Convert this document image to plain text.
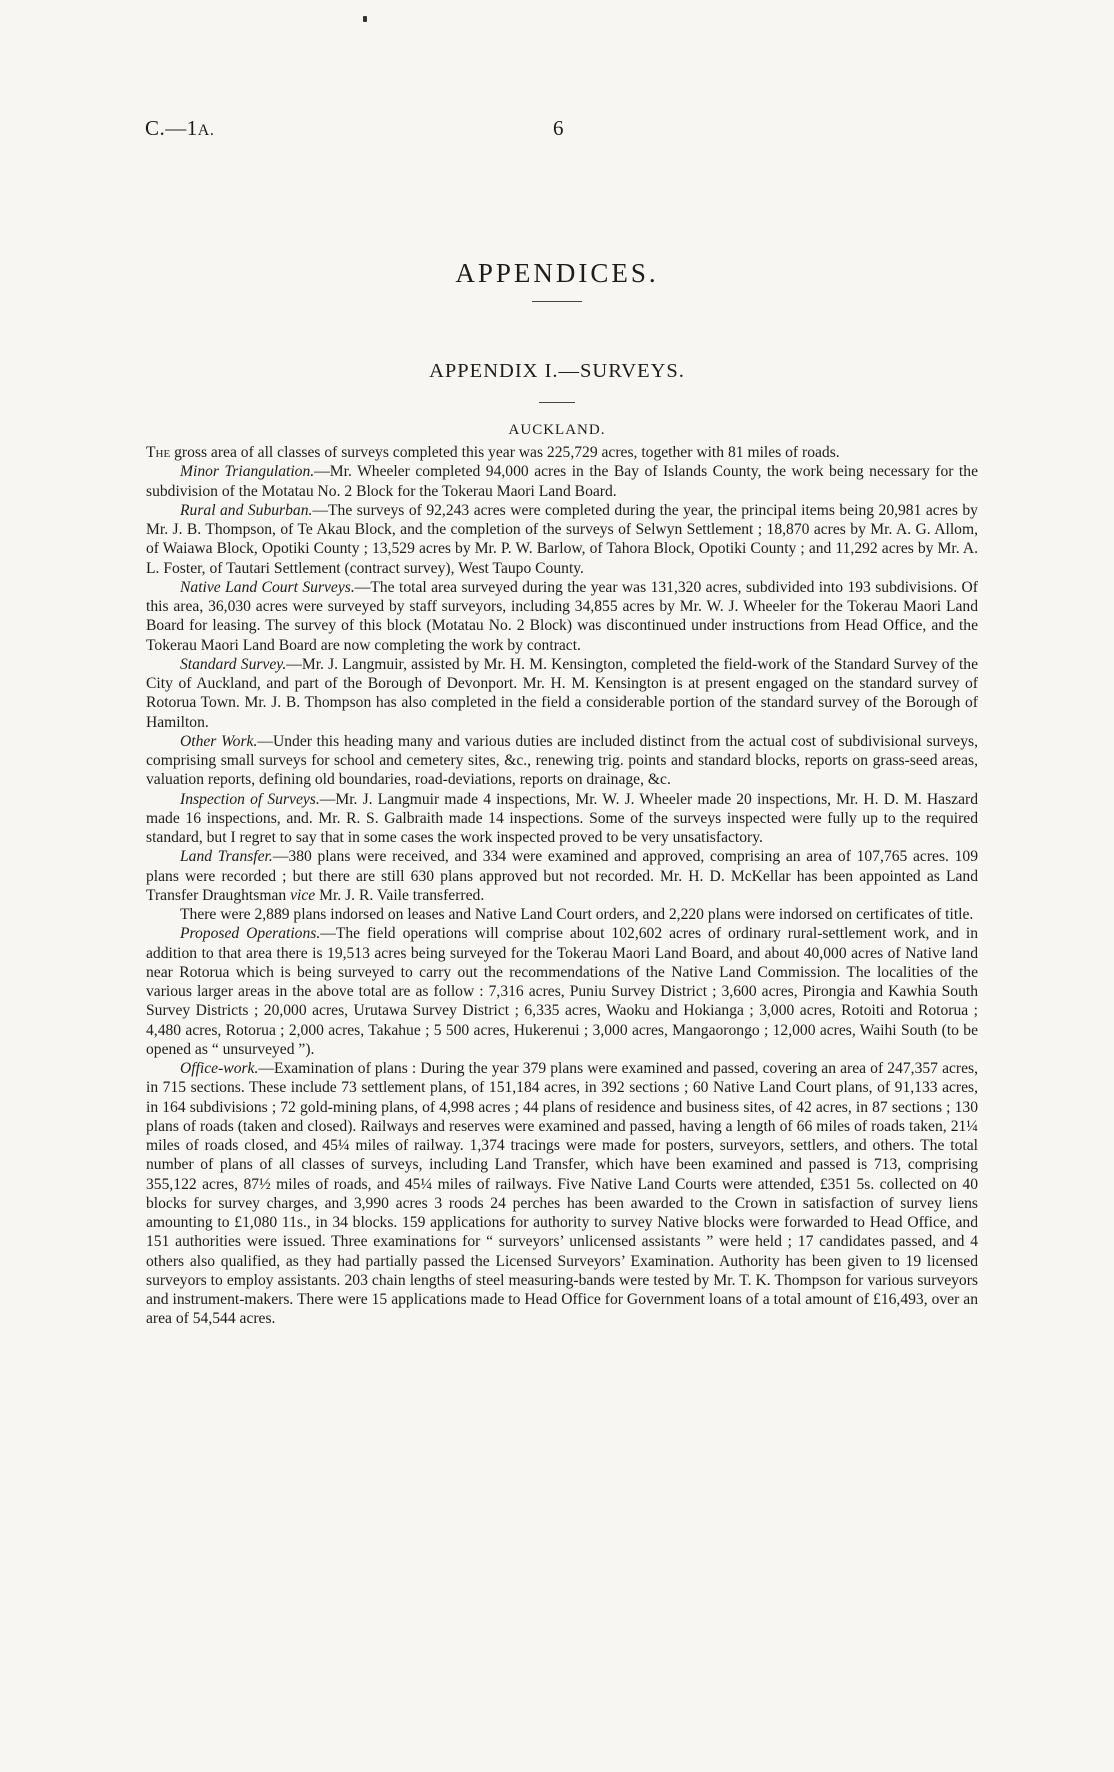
C.—1A.	6
APPENDICES.
APPENDIX I.—SURVEYS.
AUCKLAND.

The gross area of all classes of surveys completed this year was 225,729 acres, together with 81 miles of roads.

Minor Triangulation.—Mr. Wheeler completed 94,000 acres in the Bay of Islands County, the work being necessary for the subdivision of the Motatau No. 2 Block for the Tokerau Maori Land Board.

Rural and Suburban.—The surveys of 92,243 acres were completed during the year, the principal items being 20,981 acres by Mr. J. B. Thompson, of Te Akau Block, and the completion of the surveys of Selwyn Settlement ; 18,870 acres by Mr. A. G. Allom, of Waiawa Block, Opotiki County ; 13,529 acres by Mr. P. W. Barlow, of Tahora Block, Opotiki County ; and 11,292 acres by Mr. A. L. Foster, of Tautari Settlement (contract survey), West Taupo County.

Native Land Court Surveys.—The total area surveyed during the year was 131,320 acres, subdivided into 193 subdivisions. Of this area, 36,030 acres were surveyed by staff surveyors, including 34,855 acres by Mr. W. J. Wheeler for the Tokerau Maori Land Board for leasing. The survey of this block (Motatau No. 2 Block) was discontinued under instructions from Head Office, and the Tokerau Maori Land Board are now completing the work by contract.

Standard Survey.—Mr. J. Langmuir, assisted by Mr. H. M. Kensington, completed the field-work of the Standard Survey of the City of Auckland, and part of the Borough of Devonport. Mr. H. M. Kensington is at present engaged on the standard survey of Rotorua Town. Mr. J. B. Thompson has also completed in the field a considerable portion of the standard survey of the Borough of Hamilton.

Other Work.—Under this heading many and various duties are included distinct from the actual cost of subdivisional surveys, comprising small surveys for school and cemetery sites, &c., renewing trig. points and standard blocks, reports on grass-seed areas, valuation reports, defining old boundaries, road-deviations, reports on drainage, &c.

Inspection of Surveys.—Mr. J. Langmuir made 4 inspections, Mr. W. J. Wheeler made 20 inspections, Mr. H. D. M. Haszard made 16 inspections, and. Mr. R. S. Galbraith made 14 inspections. Some of the surveys inspected were fully up to the required standard, but I regret to say that in some cases the work inspected proved to be very unsatisfactory.

Land Transfer.—380 plans were received, and 334 were examined and approved, comprising an area of 107,765 acres. 109 plans were recorded ; but there are still 630 plans approved but not recorded. Mr. H. D. McKellar has been appointed as Land Transfer Draughtsman vice Mr. J. R. Vaile transferred.

There were 2,889 plans indorsed on leases and Native Land Court orders, and 2,220 plans were indorsed on certificates of title.

Proposed Operations.—The field operations will comprise about 102,602 acres of ordinary rural-settlement work, and in addition to that area there is 19,513 acres being surveyed for the Tokerau Maori Land Board, and about 40,000 acres of Native land near Rotorua which is being surveyed to carry out the recommendations of the Native Land Commission. The localities of the various larger areas in the above total are as follow : 7,316 acres, Puniu Survey District ; 3,600 acres, Pirongia and Kawhia South Survey Districts ; 20,000 acres, Urutawa Survey District ; 6,335 acres, Waoku and Hokianga ; 3,000 acres, Rotoiti and Rotorua ; 4,480 acres, Rotorua ; 2,000 acres, Takahue ; 5 500 acres, Hukerenui ; 3,000 acres, Mangaorongo ; 12,000 acres, Waihi South (to be opened as “ unsurveyed ”).

Office-work.—Examination of plans : During the year 379 plans were examined and passed, covering an area of 247,357 acres, in 715 sections. These include 73 settlement plans, of 151,184 acres, in 392 sections ; 60 Native Land Court plans, of 91,133 acres, in 164 subdivisions ; 72 gold-mining plans, of 4,998 acres ; 44 plans of residence and business sites, of 42 acres, in 87 sections ; 130 plans of roads (taken and closed). Railways and reserves were examined and passed, having a length of 66 miles of roads taken, 21¼ miles of roads closed, and 45¼ miles of railway. 1,374 tracings were made for posters, surveyors, settlers, and others. The total number of plans of all classes of surveys, including Land Transfer, which have been examined and passed is 713, comprising 355,122 acres, 87½ miles of roads, and 45¼ miles of railways. Five Native Land Courts were attended, £351 5s. collected on 40 blocks for survey charges, and 3,990 acres 3 roods 24 perches has been awarded to the Crown in satisfaction of survey liens amounting to £1,080 11s., in 34 blocks. 159 applications for authority to survey Native blocks were forwarded to Head Office, and 151 authorities were issued. Three examinations for “ surveyors’ unlicensed assistants ” were held ; 17 candidates passed, and 4 others also qualified, as they had partially passed the Licensed Surveyors’ Examination. Authority has been given to 19 licensed surveyors to employ assistants. 203 chain lengths of steel measuring-bands were tested by Mr. T. K. Thompson for various surveyors and instrument-makers. There were 15 applications made to Head Office for Government loans of a total amount of £16,493, over an area of 54,544 acres.
